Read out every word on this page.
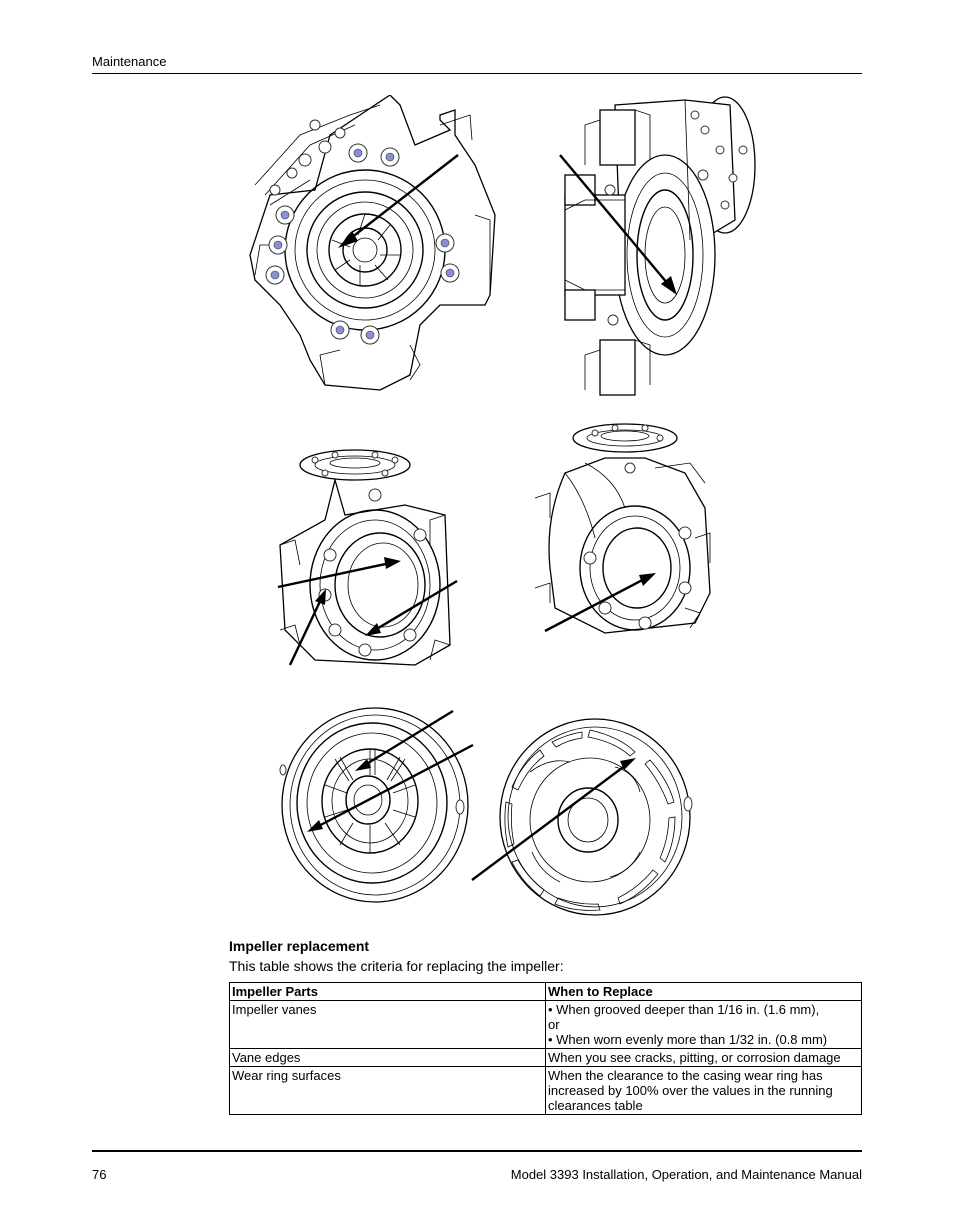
Maintenance
Impeller replacement
This table shows the criteria for replacing the impeller:
Impeller Parts	When to Replace
Impeller vanes	• When grooved deeper than 1/16 in. (1.6 mm),
or
• When worn evenly more than 1/32 in. (0.8 mm)

Vane edges	When you see cracks, pitting, or corrosion damage

Wear ring surfaces	When the clearance to the casing wear ring has
increased by 100% over the values in the running
clearances table
76	Model 3393 Installation, Operation, and Maintenance Manual
